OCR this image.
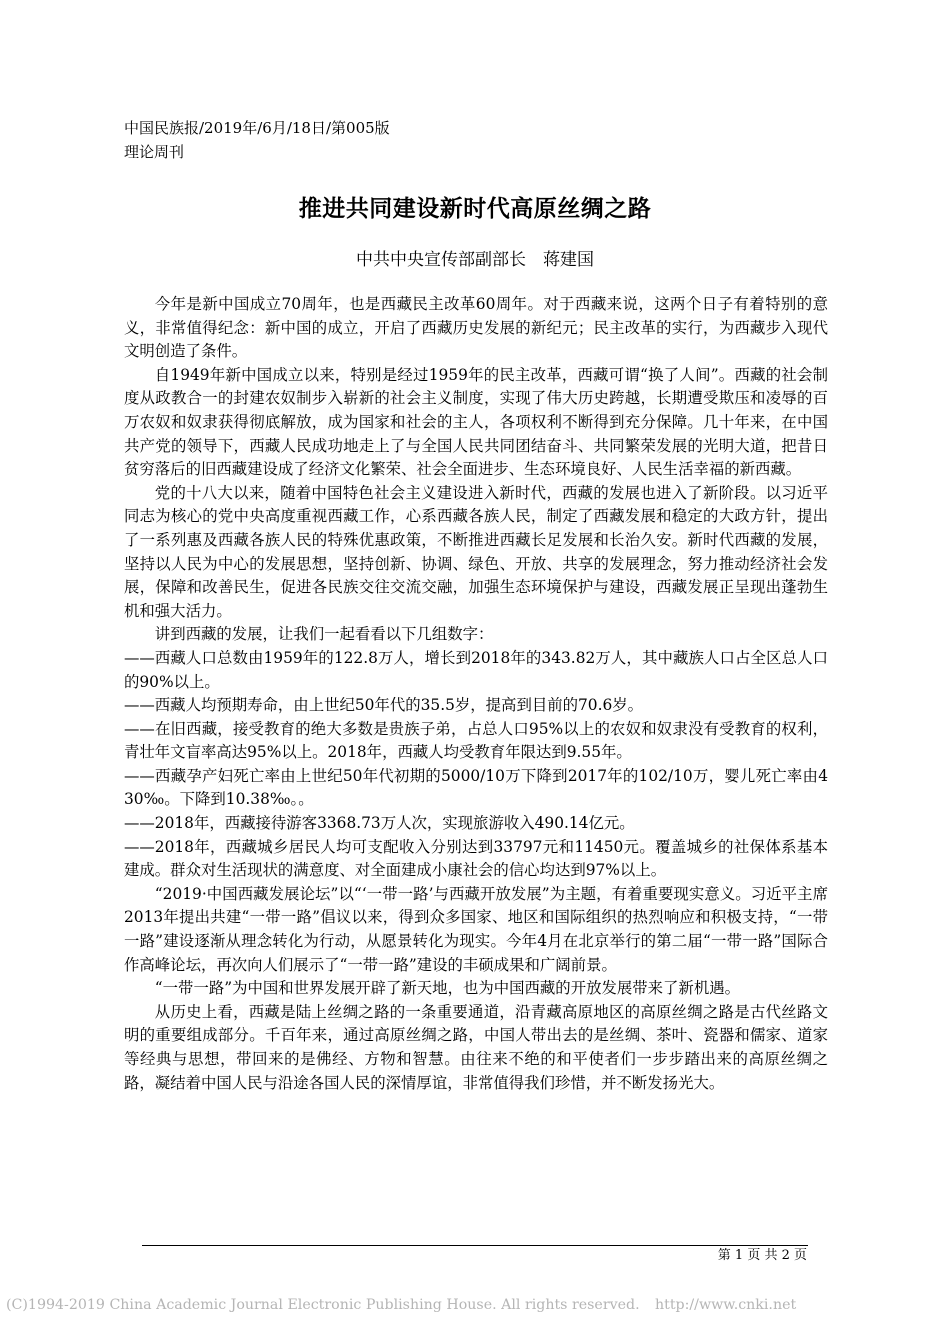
中国民族报/2019年/6月/18日/第005版
理论周刊
推进共同建设新时代高原丝绸之路
中共中央宣传部副部长　蒋建国

今年是新中国成立70周年，也是西藏民主改革60周年。对于西藏来说，这两个日子有着特别的意义，非常值得纪念：新中国的成立，开启了西藏历史发展的新纪元；民主改革的实行，为西藏步入现代文明创造了条件。

自1949年新中国成立以来，特别是经过1959年的民主改革，西藏可谓“换了人间”。西藏的社会制度从政教合一的封建农奴制步入崭新的社会主义制度，实现了伟大历史跨越，长期遭受欺压和凌辱的百万农奴和奴隶获得彻底解放，成为国家和社会的主人，各项权利不断得到充分保障。几十年来，在中国共产党的领导下，西藏人民成功地走上了与全国人民共同团结奋斗、共同繁荣发展的光明大道，把昔日贫穷落后的旧西藏建设成了经济文化繁荣、社会全面进步、生态环境良好、人民生活幸福的新西藏。

党的十八大以来，随着中国特色社会主义建设进入新时代，西藏的发展也进入了新阶段。以习近平同志为核心的党中央高度重视西藏工作，心系西藏各族人民，制定了西藏发展和稳定的大政方针，提出了一系列惠及西藏各族人民的特殊优惠政策，不断推进西藏长足发展和长治久安。新时代西藏的发展，坚持以人民为中心的发展思想，坚持创新、协调、绿色、开放、共享的发展理念，努力推动经济社会发展，保障和改善民生，促进各民族交往交流交融，加强生态环境保护与建设，西藏发展正呈现出蓬勃生机和强大活力。

讲到西藏的发展，让我们一起看看以下几组数字：

——西藏人口总数由1959年的122.8万人，增长到2018年的343.82万人，其中藏族人口占全区总人口的90%以上。

——西藏人均预期寿命，由上世纪50年代的35.5岁，提高到目前的70.6岁。

——在旧西藏，接受教育的绝大多数是贵族子弟，占总人口95%以上的农奴和奴隶没有受教育的权利，青壮年文盲率高达95%以上。2018年，西藏人均受教育年限达到9.55年。

——西藏孕产妇死亡率由上世纪50年代初期的5000/10万下降到2017年的102/10万，婴儿死亡率由430‰。下降到10.38‰。。

——2018年，西藏接待游客3368.73万人次，实现旅游收入490.14亿元。

——2018年，西藏城乡居民人均可支配收入分别达到33797元和11450元。覆盖城乡的社保体系基本建成。群众对生活现状的满意度、对全面建成小康社会的信心均达到97%以上。

“2019·中国西藏发展论坛”以“‘一带一路’与西藏开放发展”为主题，有着重要现实意义。习近平主席2013年提出共建“一带一路”倡议以来，得到众多国家、地区和国际组织的热烈响应和积极支持，“一带一路”建设逐渐从理念转化为行动，从愿景转化为现实。今年4月在北京举行的第二届“一带一路”国际合作高峰论坛，再次向人们展示了“一带一路”建设的丰硕成果和广阔前景。

“一带一路”为中国和世界发展开辟了新天地，也为中国西藏的开放发展带来了新机遇。

从历史上看，西藏是陆上丝绸之路的一条重要通道，沿青藏高原地区的高原丝绸之路是古代丝路文明的重要组成部分。千百年来，通过高原丝绸之路，中国人带出去的是丝绸、茶叶、瓷器和儒家、道家等经典与思想，带回来的是佛经、方物和智慧。由往来不绝的和平使者们一步步踏出来的高原丝绸之路，凝结着中国人民与沿途各国人民的深情厚谊，非常值得我们珍惜，并不断发扬光大。

第 1 页 共 2 页
(C)1994-2019 China Academic Journal Electronic Publishing House. All rights reserved. http://www.cnki.net
